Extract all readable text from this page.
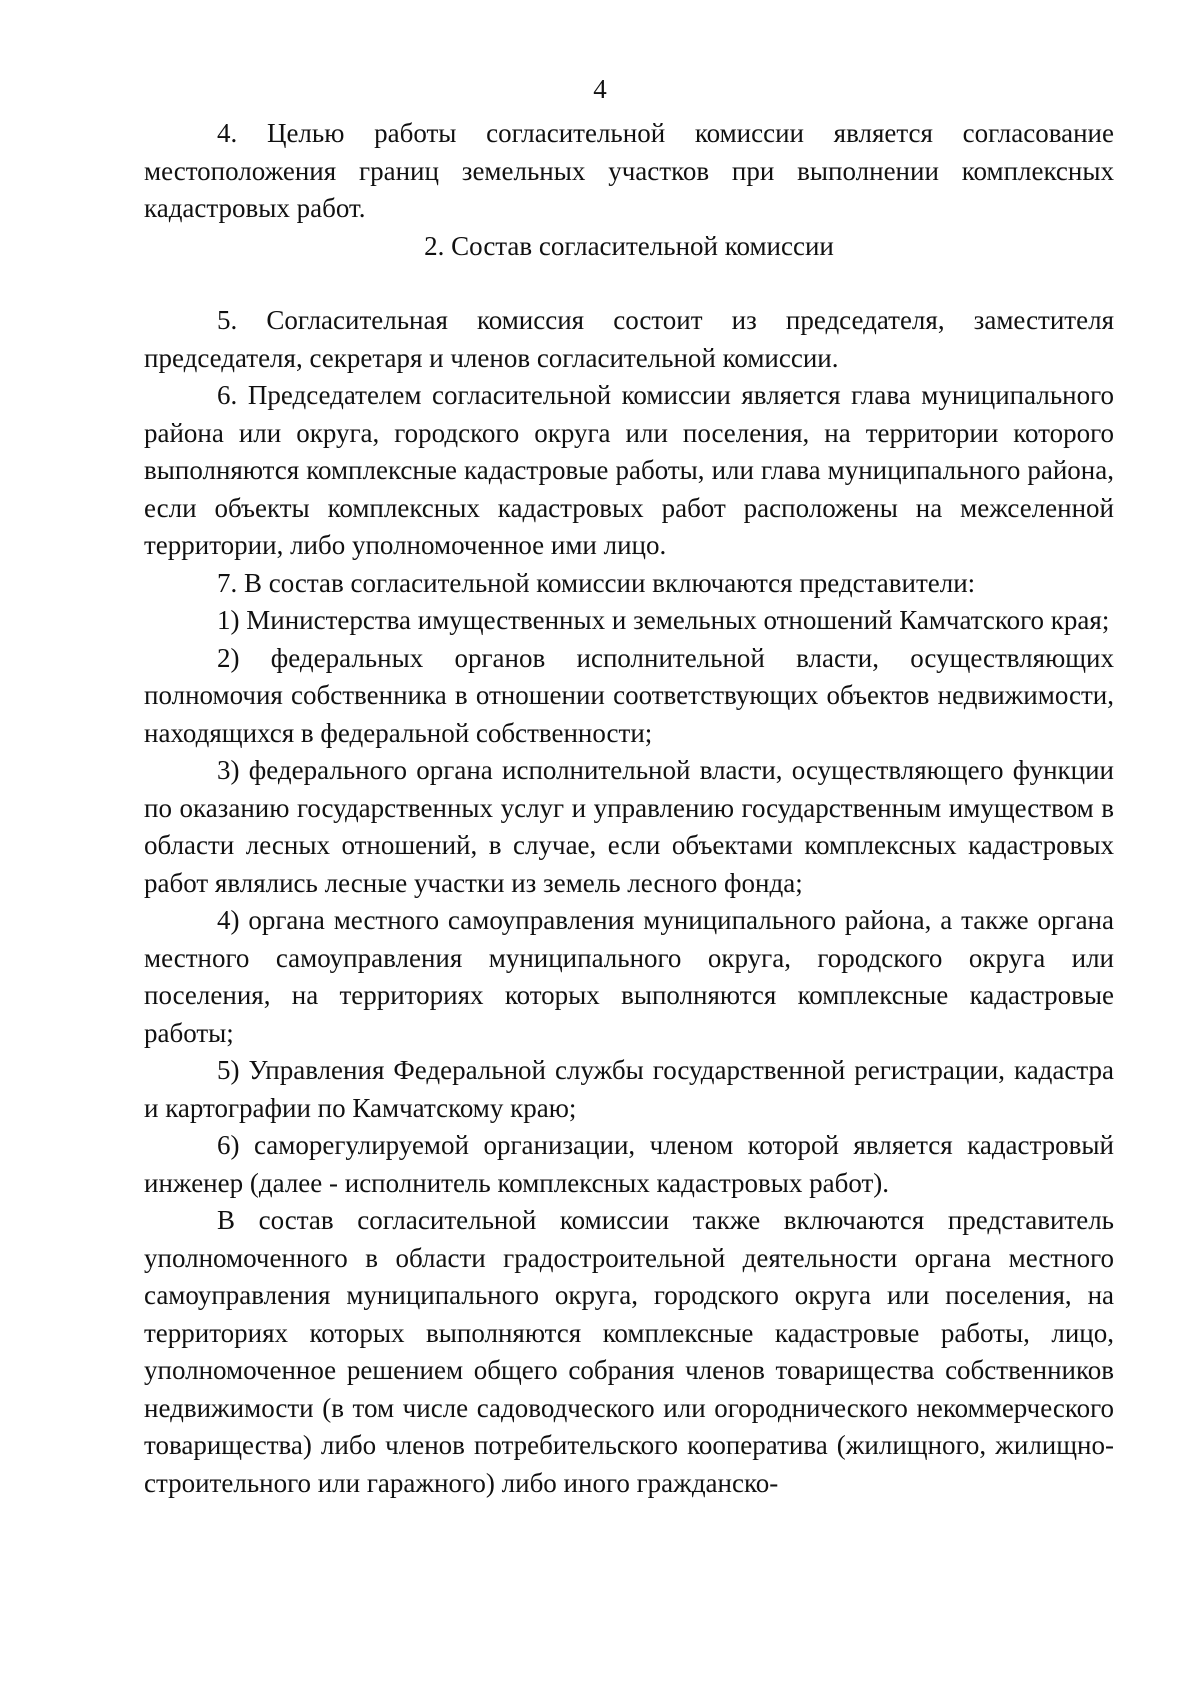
4

4. Целью работы согласительной комиссии является согласование местоположения границ земельных участков при выполнении комплексных кадастровых работ.

2. Состав согласительной комиссии

5. Согласительная комиссия состоит из председателя, заместителя председателя, секретаря и членов согласительной комиссии.

6. Председателем согласительной комиссии является глава муниципального района или округа, городского округа или поселения, на территории которого выполняются комплексные кадастровые работы, или глава муниципального района, если объекты комплексных кадастровых работ расположены на межселенной территории, либо уполномоченное ими лицо.

7. В состав согласительной комиссии включаются представители:

1) Министерства имущественных и земельных отношений Камчатского края;

2) федеральных органов исполнительной власти, осуществляющих полномочия собственника в отношении соответствующих объектов недвижимости, находящихся в федеральной собственности;

3) федерального органа исполнительной власти, осуществляющего функции по оказанию государственных услуг и управлению государственным имуществом в области лесных отношений, в случае, если объектами комплексных кадастровых работ являлись лесные участки из земель лесного фонда;

4) органа местного самоуправления муниципального района, а также органа местного самоуправления муниципального округа, городского округа или поселения, на территориях которых выполняются комплексные кадастровые работы;

5) Управления Федеральной службы государственной регистрации, кадастра и картографии по Камчатскому краю;

6) саморегулируемой организации, членом которой является кадастровый инженер (далее - исполнитель комплексных кадастровых работ).

В состав согласительной комиссии также включаются представитель уполномоченного в области градостроительной деятельности органа местного самоуправления муниципального округа, городского округа или поселения, на территориях которых выполняются комплексные кадастровые работы, лицо, уполномоченное решением общего собрания членов товарищества собственников недвижимости (в том числе садоводческого или огороднического некоммерческого товарищества) либо членов потребительского кооператива (жилищного, жилищно-строительного или гаражного) либо иного гражданско-
